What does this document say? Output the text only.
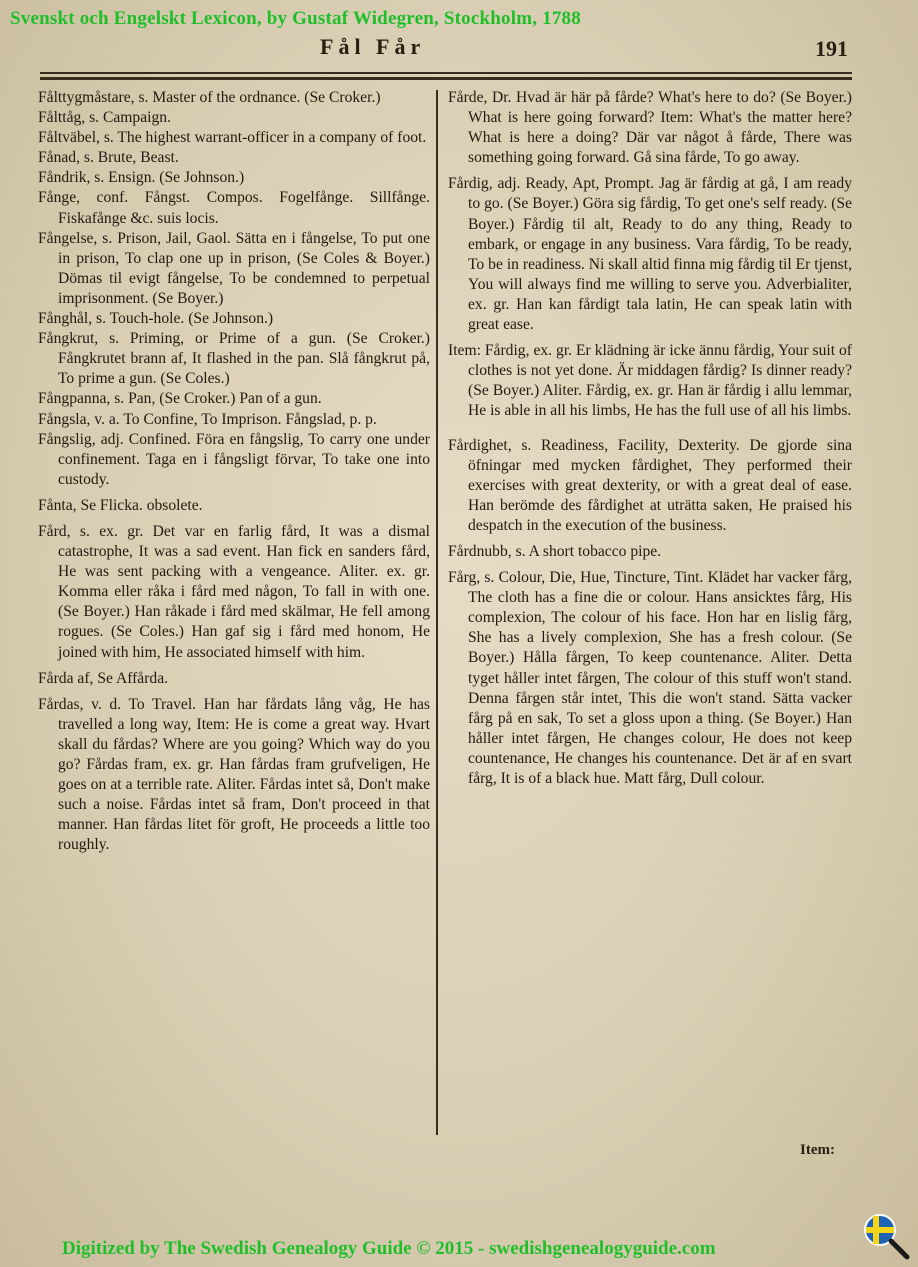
Svenskt och Engelskt Lexicon, by Gustaf Widegren, Stockholm, 1788
Fål Får	191

Fålttygmåstare, s. Master of the ordnance. (Se Croker.)

Fålttåg, s. Campaign.

Fåltväbel, s. The highest warrant-officer in a company of foot.

Fånad, s. Brute, Beast.

Fåndrik, s. Ensign. (Se Johnson.)

Fånge, conf. Fångst. Compos. Fogelfånge. Sillfånge. Fiskafånge &c. suis locis.

Fångelse, s. Prison, Jail, Gaol. Sätta en i fångelse, To put one in prison, To clap one up in prison, (Se Coles & Boyer.) Dömas til evigt fångelse, To be condemned to perpetual imprisonment. (Se Boyer.)

Fånghål, s. Touch-hole. (Se Johnson.)

Fångkrut, s. Priming, or Prime of a gun. (Se Croker.) Fångkrutet brann af, It flashed in the pan. Slå fångkrut på, To prime a gun. (Se Coles.)

Fångpanna, s. Pan, (Se Croker.) Pan of a gun.

Fångsla, v. a. To Confine, To Imprison. Fångslad, p. p.

Fångslig, adj. Confined. Föra en fångslig, To carry one under confinement. Taga en i fångsligt förvar, To take one into custody.

Fånta, Se Flicka. obsolete.

Fård, s. ex. gr. Det var en farlig fård, It was a dismal catastrophe, It was a sad event. Han fick en sanders fård, He was sent packing with a vengeance. Aliter. ex. gr. Komma eller råka i fård med någon, To fall in with one. (Se Boyer.) Han råkade i fård med skälmar, He fell among rogues. (Se Coles.) Han gaf sig i fård med honom, He joined with him, He associated himself with him.

Fårda af, Se Affårda.

Fårdas, v. d. To Travel. Han har fårdats lång våg, He has travelled a long way, Item: He is come a great way. Hvart skall du fårdas? Where are you going? Which way do you go? Fårdas fram, ex. gr. Han fårdas fram grufveligen, He goes on at a terrible rate. Aliter. Fårdas intet så, Don't make such a noise. Fårdas intet så fram, Don't proceed in that manner. Han fårdas litet för groft, He proceeds a little too roughly.

Fårde, Dr. Hvad är här på fårde? What's here to do? (Se Boyer.) What is here going forward? Item: What's the matter here? What is here a doing? Där var något å fårde, There was something going forward. Gå sina fårde, To go away.

Fårdig, adj. Ready, Apt, Prompt. Jag är fårdig at gå, I am ready to go. (Se Boyer.) Göra sig fårdig, To get one's self ready. (Se Boyer.) Fårdig til alt, Ready to do any thing, Ready to embark, or engage in any business. Vara fårdig, To be ready, To be in readiness. Ni skall altid finna mig fårdig til Er tjenst, You will always find me willing to serve you. Adverbialiter, ex. gr. Han kan fårdigt tala latin, He can speak latin with great ease.

Item: Fårdig, ex. gr. Er klädning är icke ännu fårdig, Your suit of clothes is not yet done. Är middagen fårdig? Is dinner ready? (Se Boyer.) Aliter. Fårdig, ex. gr. Han är fårdig i allu lemmar, He is able in all his limbs, He has the full use of all his limbs.

Fårdighet, s. Readiness, Facility, Dexterity. De gjorde sina öfningar med mycken fårdighet, They performed their exercises with great dexterity, or with a great deal of ease. Han berömde des fårdighet at uträtta saken, He praised his despatch in the execution of the business.

Fårdnubb, s. A short tobacco pipe.

Fårg, s. Colour, Die, Hue, Tincture, Tint. Klädet har vacker fårg, The cloth has a fine die or colour. Hans ansicktes fårg, His complexion, The colour of his face. Hon har en lislig fårg, She has a lively complexion, She has a fresh colour. (Se Boyer.) Hålla fårgen, To keep countenance. Aliter. Detta tyget håller intet fårgen, The colour of this stuff won't stand. Denna fårgen står intet, This die won't stand. Sätta vacker fårg på en sak, To set a gloss upon a thing. (Se Boyer.) Han håller intet fårgen, He changes colour, He does not keep countenance, He changes his countenance. Det är af en svart fårg, It is of a black hue. Matt fårg, Dull colour.

Item:
Digitized by The Swedish Genealogy Guide © 2015 - swedishgenealogyguide.com
